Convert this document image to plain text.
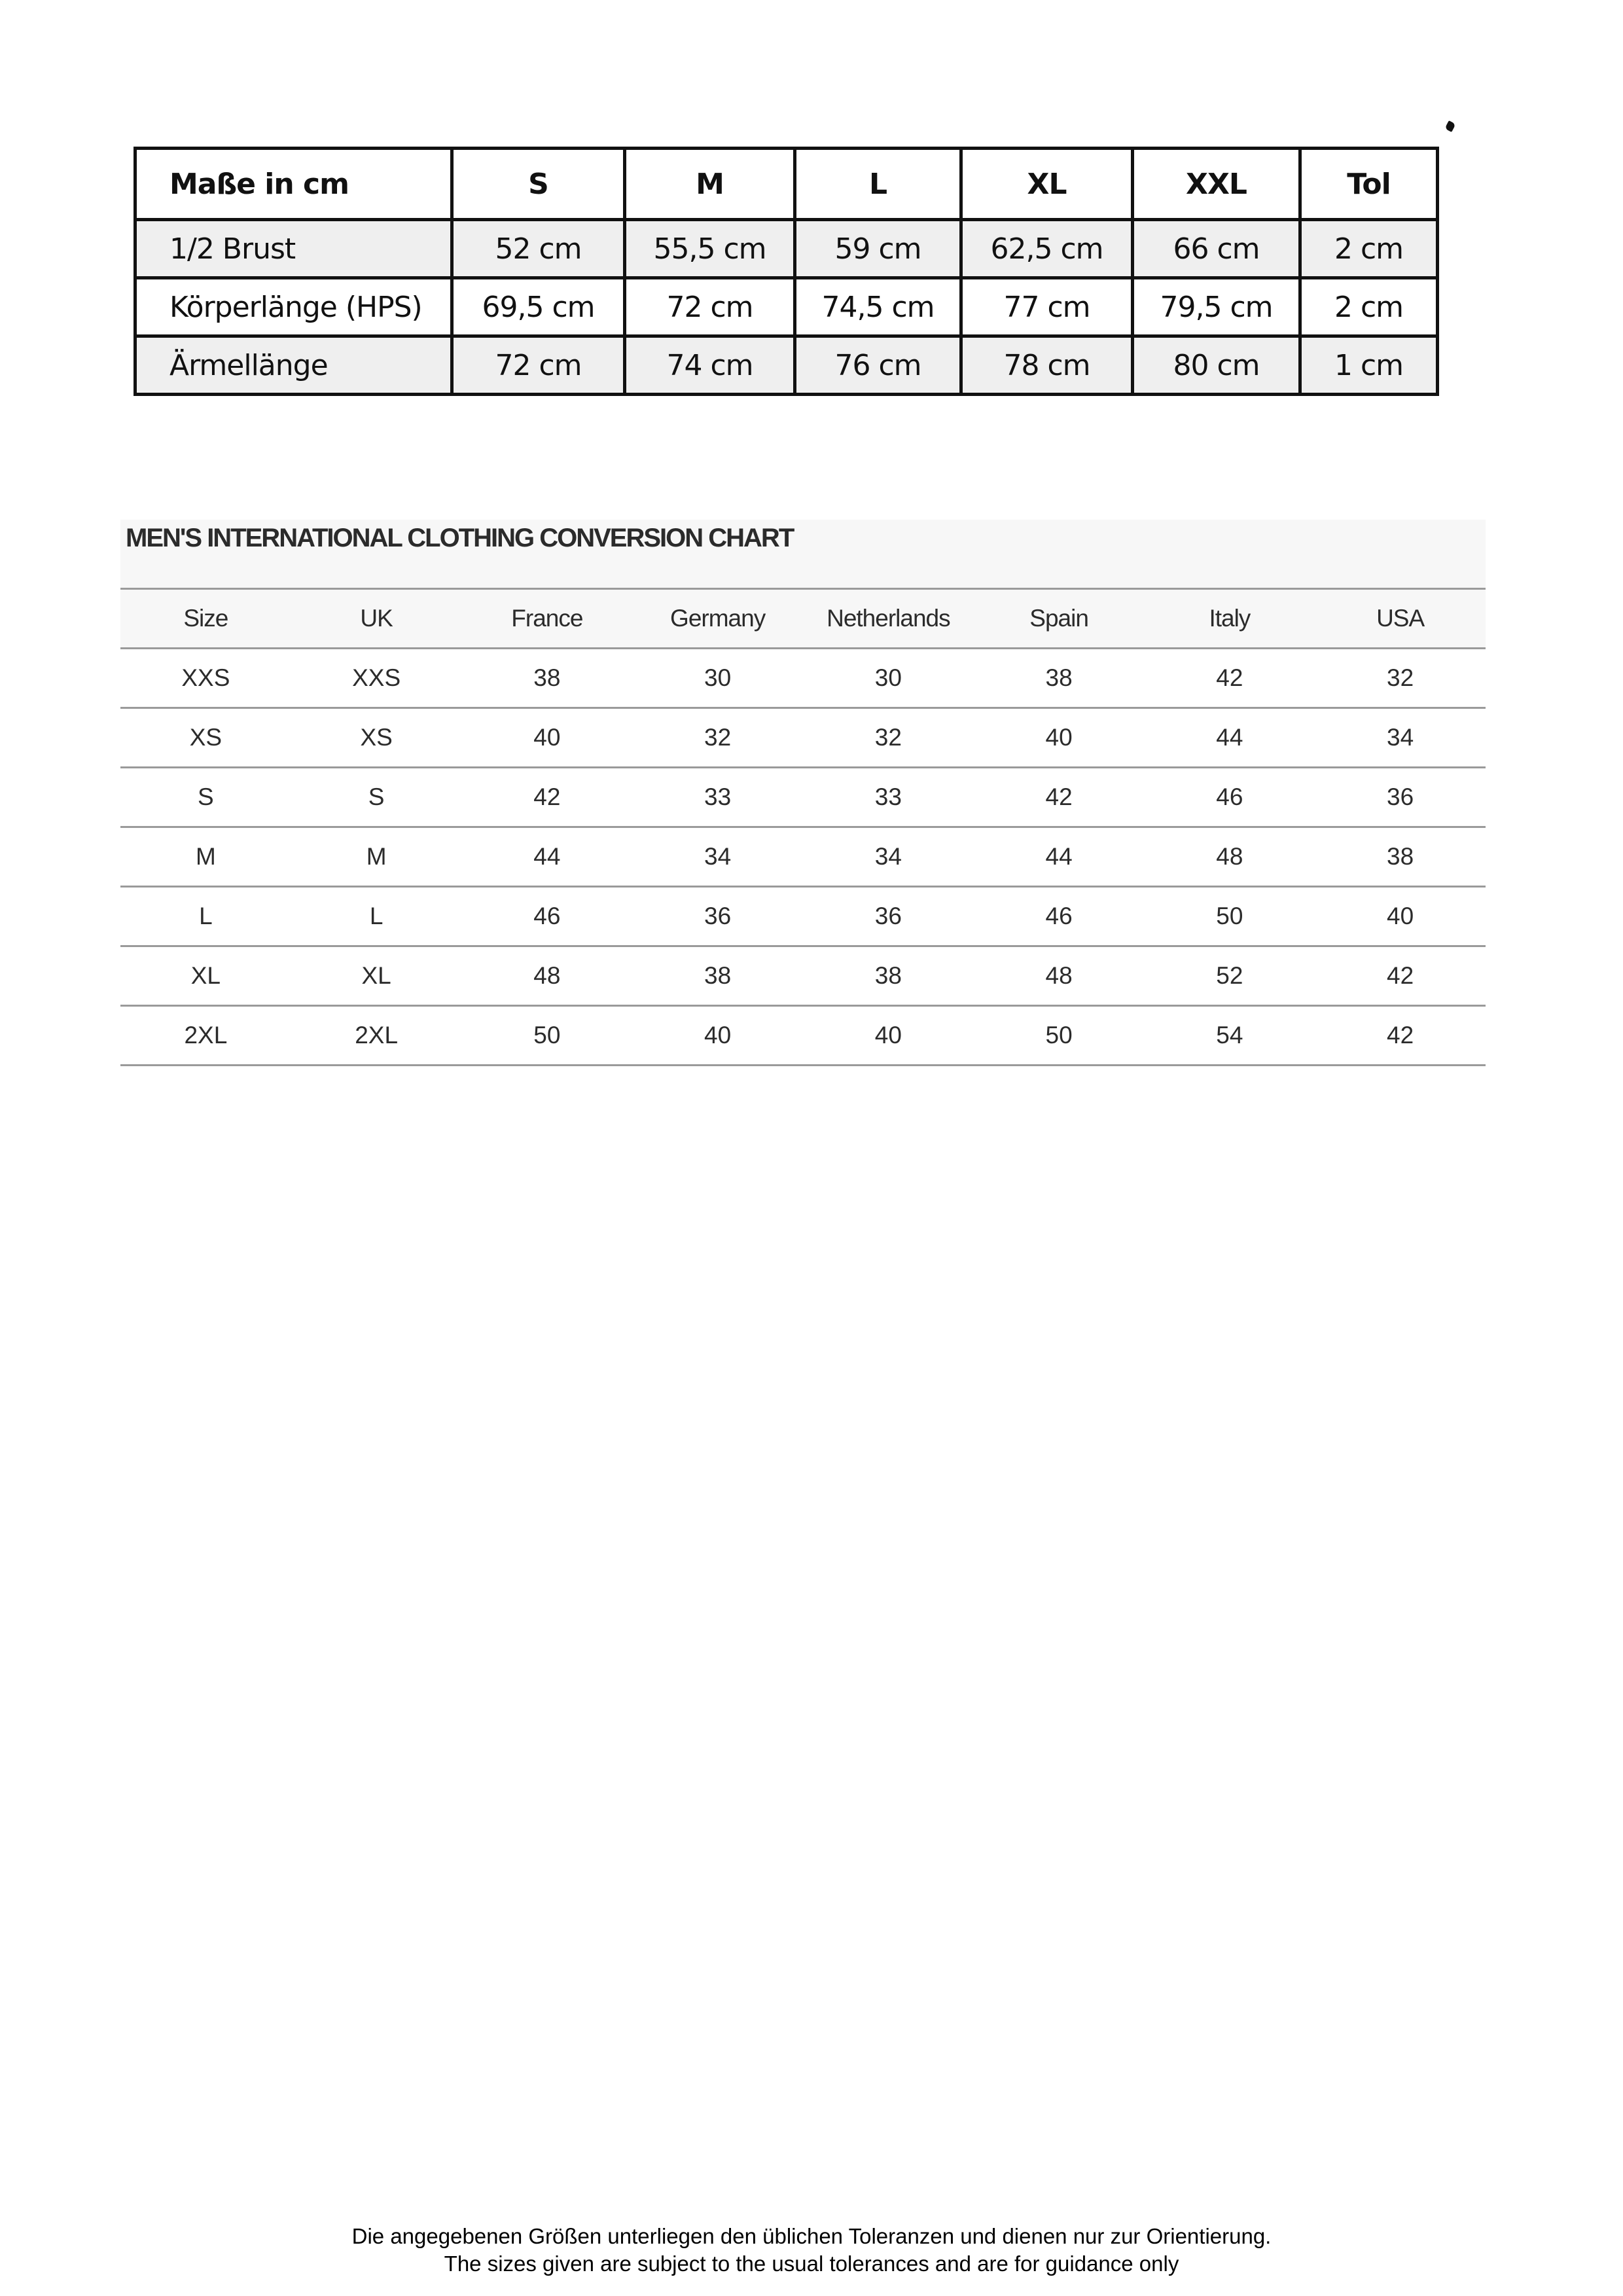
Maße in cm	S	M	L	XL	XXL	Tol
1/2 Brust	52 cm	55,5 cm	59 cm	62,5 cm	66 cm	2 cm
Körperlänge (HPS)	69,5 cm	72 cm	74,5 cm	77 cm	79,5 cm	2 cm
Ärmellänge	72 cm	74 cm	76 cm	78 cm	80 cm	1 cm
MEN'S INTERNATIONAL CLOTHING CONVERSION CHART
Size	UK	France	Germany	Netherlands	Spain	Italy	USA
XXS	XXS	38	30	30	38	42	32
XS	XS	40	32	32	40	44	34
S	S	42	33	33	42	46	36
M	M	44	34	34	44	48	38
L	L	46	36	36	46	50	40
XL	XL	48	38	38	48	52	42
2XL	2XL	50	40	40	50	54	42
Die angegebenen Größen unterliegen den üblichen Toleranzen und dienen nur zur Orientierung.
The sizes given are subject to the usual tolerances and are for guidance only
